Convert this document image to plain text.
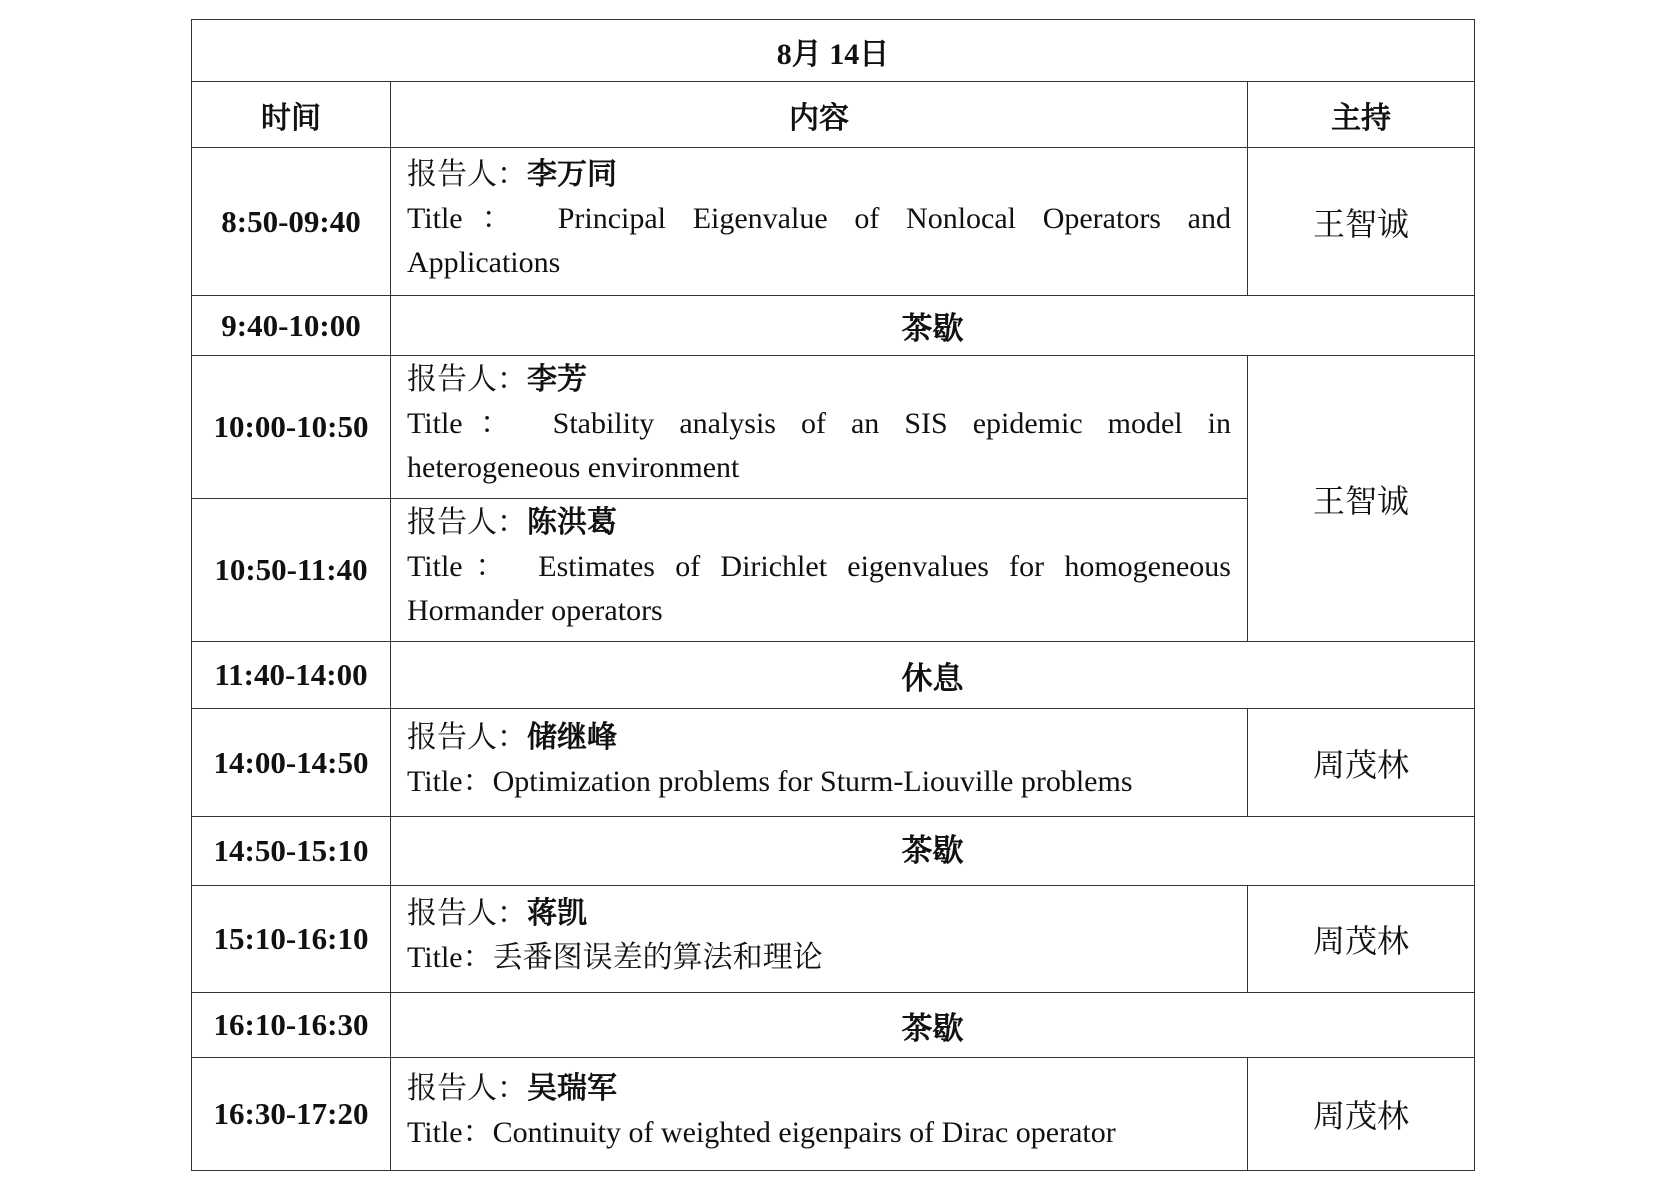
8月 14日		
时间	内容	主持
8:50-09:40	报告人：李万同
Title： Principal Eigenvalue of Nonlocal Operators and Applications	王智诚
9:40-10:00	茶歇	
10:00-10:50	报告人：李芳
Title： Stability analysis of an SIS epidemic model in heterogeneous environment	王智诚
10:50-11:40	报告人：陈洪葛
Title： Estimates of Dirichlet eigenvalues for homogeneous Hormander operators	

11:40-14:00	休息	
14:00-14:50	报告人：储继峰
Title：Optimization problems for Sturm-Liouville problems	周茂林
14:50-15:10	茶歇	
15:10-16:10	报告人：蒋凯
Title：丢番图误差的算法和理论	周茂林
16:10-16:30	茶歇	
16:30-17:20	报告人：吴瑞军
Title：Continuity of weighted eigenpairs of Dirac operator	周茂林
